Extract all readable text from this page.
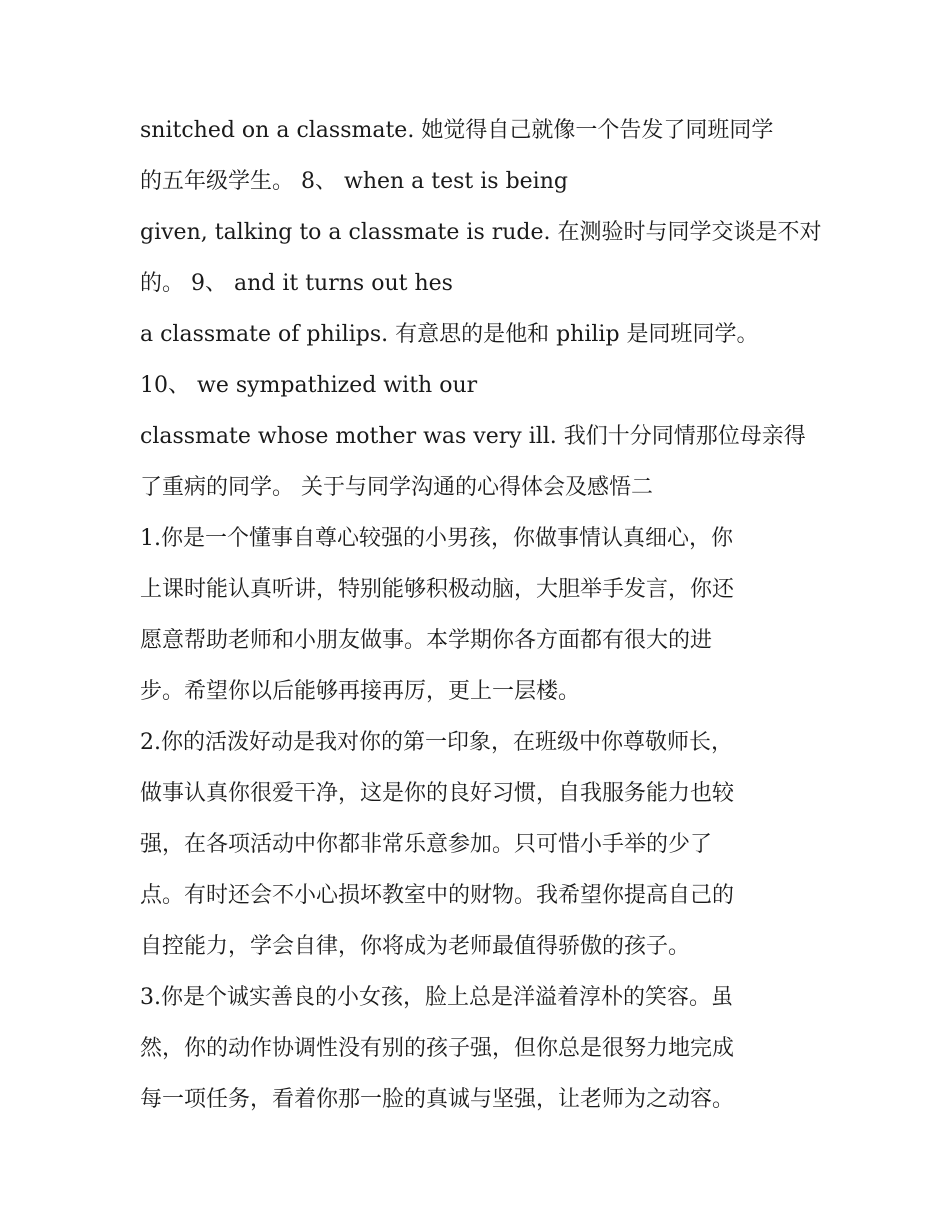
snitched on a classmate. 她觉得自己就像一个告发了同班同学
的五年级学生。 8、 when a test is being
given, talking to a classmate is rude. 在测验时与同学交谈是不对
的。 9、 and it turns out hes
a classmate of philips. 有意思的是他和 philip 是同班同学。
10、 we sympathized with our
classmate whose mother was very ill. 我们十分同情那位母亲得
了重病的同学。 关于与同学沟通的心得体会及感悟二
1.你是一个懂事自尊心较强的小男孩，你做事情认真细心，你
上课时能认真听讲，特别能够积极动脑，大胆举手发言，你还
愿意帮助老师和小朋友做事。本学期你各方面都有很大的进
步。希望你以后能够再接再厉，更上一层楼。
2.你的活泼好动是我对你的第一印象，在班级中你尊敬师长，
做事认真你很爱干净，这是你的良好习惯，自我服务能力也较
强，在各项活动中你都非常乐意参加。只可惜小手举的少了
点。有时还会不小心损坏教室中的财物。我希望你提高自己的
自控能力，学会自律，你将成为老师最值得骄傲的孩子。
3.你是个诚实善良的小女孩，脸上总是洋溢着淳朴的笑容。虽
然，你的动作协调性没有别的孩子强，但你总是很努力地完成
每一项任务，看着你那一脸的真诚与坚强，让老师为之动容。
